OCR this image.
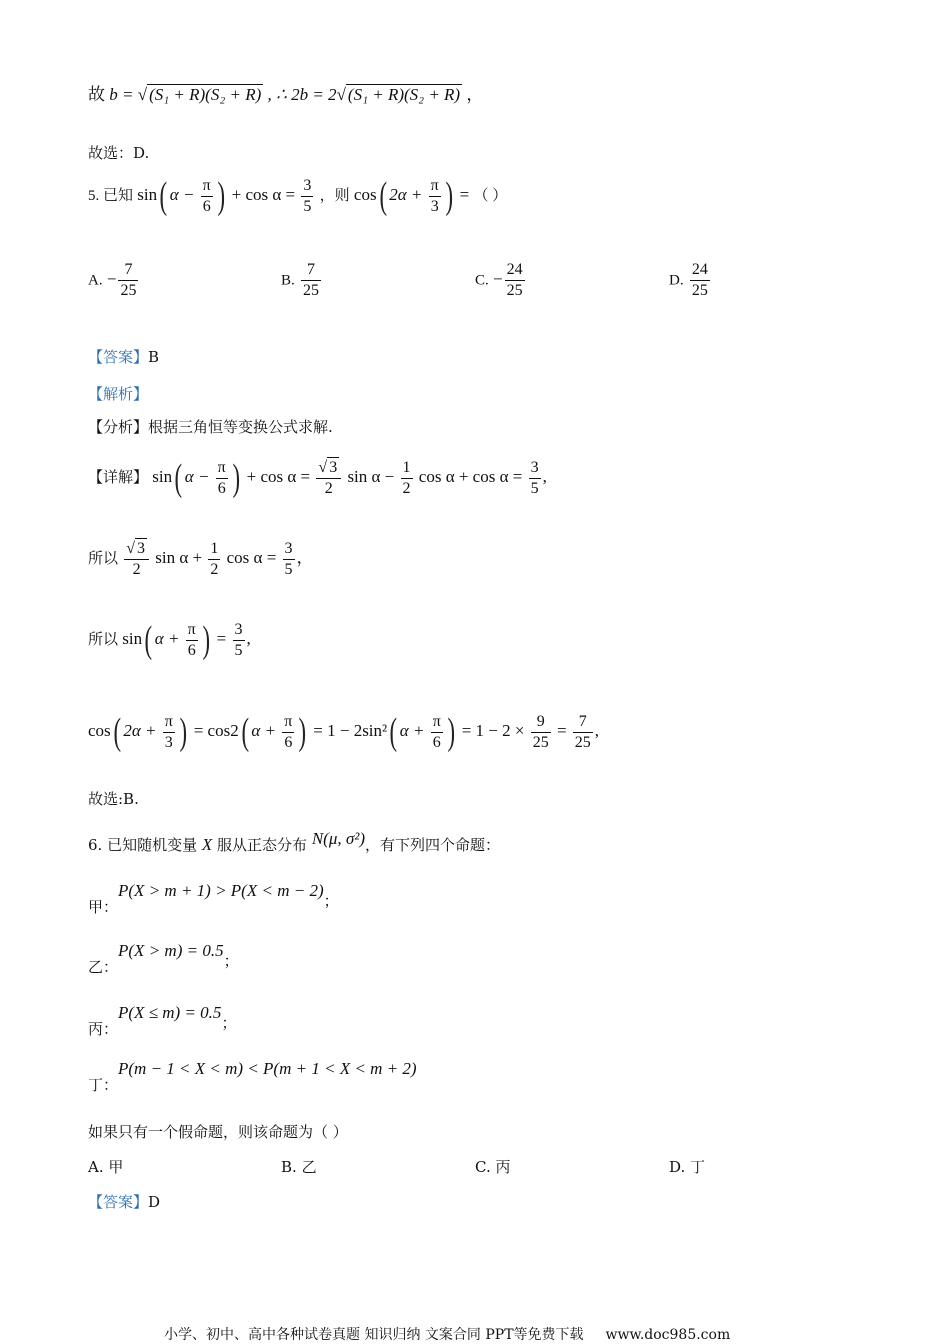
故 b = √ (S₁ + R)(S₂ + R) , ∴ 2b = 2√ (S₁ + R)(S₂ + R) ，
故选：D.
5. 已知 sin( $\alpha - \frac{\pi}{6}$ ) + $\cos \alpha = \frac{3}{5}$ ，则 cos( $2\alpha + \frac{\pi}{3}$ ) = （ ）
A. − $\frac{7}{25}$	B. $\frac{7}{25}$	C. − $\frac{24}{25}$	D. $\frac{24}{25}$
【答案】B
【解析】
【分析】根据三角恒等变换公式求解.
【详解】 sin( $\alpha - \frac{\pi}{6}$ ) + $\cos \alpha = \frac{√ 3}{2}$ $\sin \alpha - \frac{1}{2}$ $\cos \alpha + \cos \alpha = \frac{3}{5}$ ,
所以 $\frac{√ 3}{2}$ $\sin \alpha + \frac{1}{2}$ $\cos \alpha = \frac{3}{5}$ ，
所以 sin( $\alpha + \frac{\pi}{6}$ ) = $\frac{3}{5}$ ,
cos( $2\alpha + \frac{\pi}{3}$ ) = cos2( $\alpha + \frac{\pi}{6}$ ) = 1 − 2sin²( $\alpha + \frac{\pi}{6}$ ) = $1 - 2 \times \frac{9}{25} = \frac{7}{25}$ ,
故选:B.
6. 已知随机变量 X 服从正态分布 N(μ, σ²)，有下列四个命题：
甲：P(X > m + 1) > P(X < m − 2)；
乙：P(X > m) = 0.5；
丙：P(X ≤ m) = 0.5；
丁：P(m − 1 < X < m) < P(m + 1 < X < m + 2)
如果只有一个假命题，则该命题为（ ）
A. 甲	B. 乙	C. 丙	D. 丁
【答案】D
小学、初中、高中各种试卷真题 知识归纳 文案合同 PPT等免费下载 www.doc985.com
